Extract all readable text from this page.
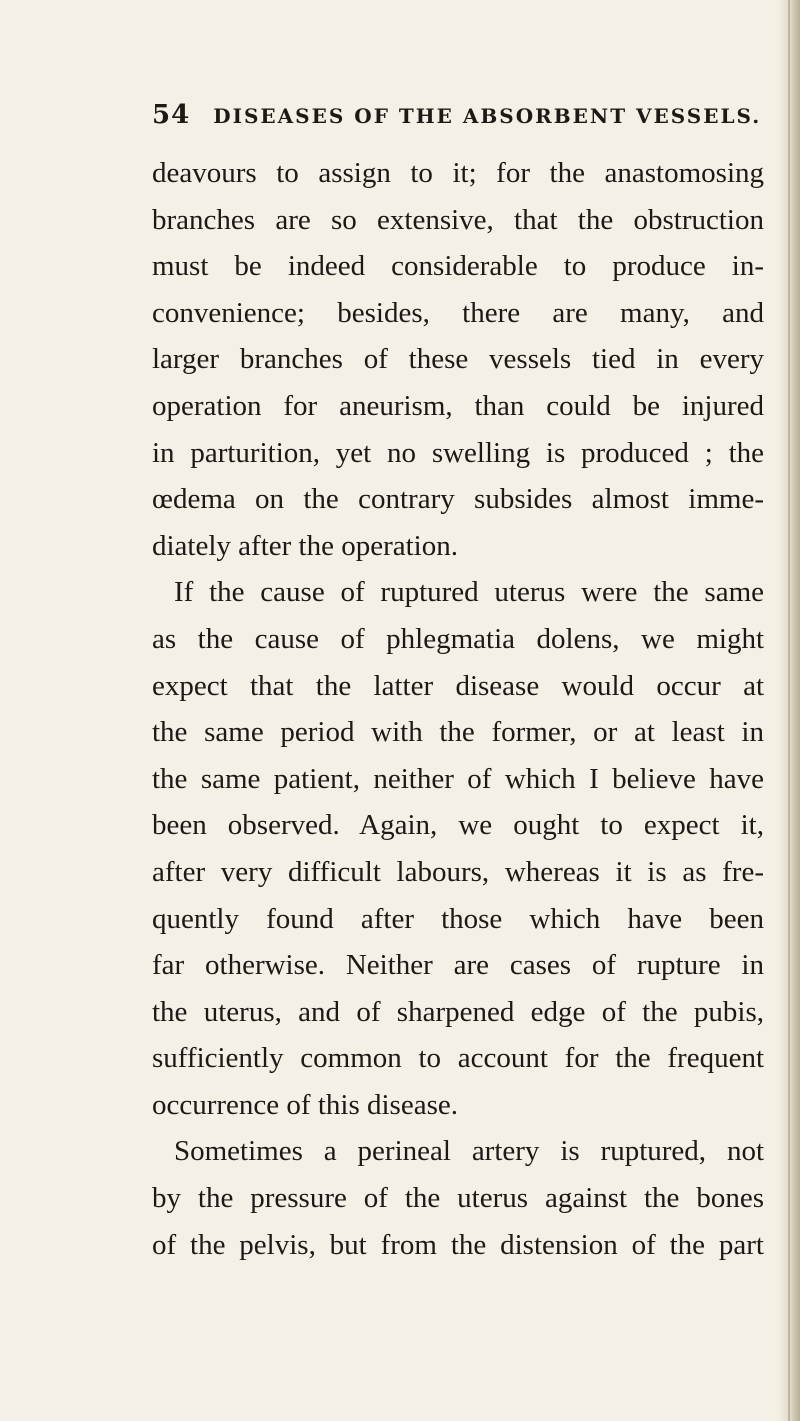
54 DISEASES OF THE ABSORBENT VESSELS.
deavours to assign to it; for the anastomosing
branches are so extensive, that the obstruction
must be indeed considerable to produce in-
convenience; besides, there are many, and
larger branches of these vessels tied in every
operation for aneurism, than could be injured
in parturition, yet no swelling is produced ; the
œdema on the contrary subsides almost imme-
diately after the operation.
If the cause of ruptured uterus were the same
as the cause of phlegmatia dolens, we might
expect that the latter disease would occur at
the same period with the former, or at least in
the same patient, neither of which I believe have
been observed. Again, we ought to expect it,
after very difficult labours, whereas it is as fre-
quently found after those which have been
far otherwise. Neither are cases of rupture in
the uterus, and of sharpened edge of the pubis,
sufficiently common to account for the frequent
occurrence of this disease.
Sometimes a perineal artery is ruptured, not
by the pressure of the uterus against the bones
of the pelvis, but from the distension of the part
